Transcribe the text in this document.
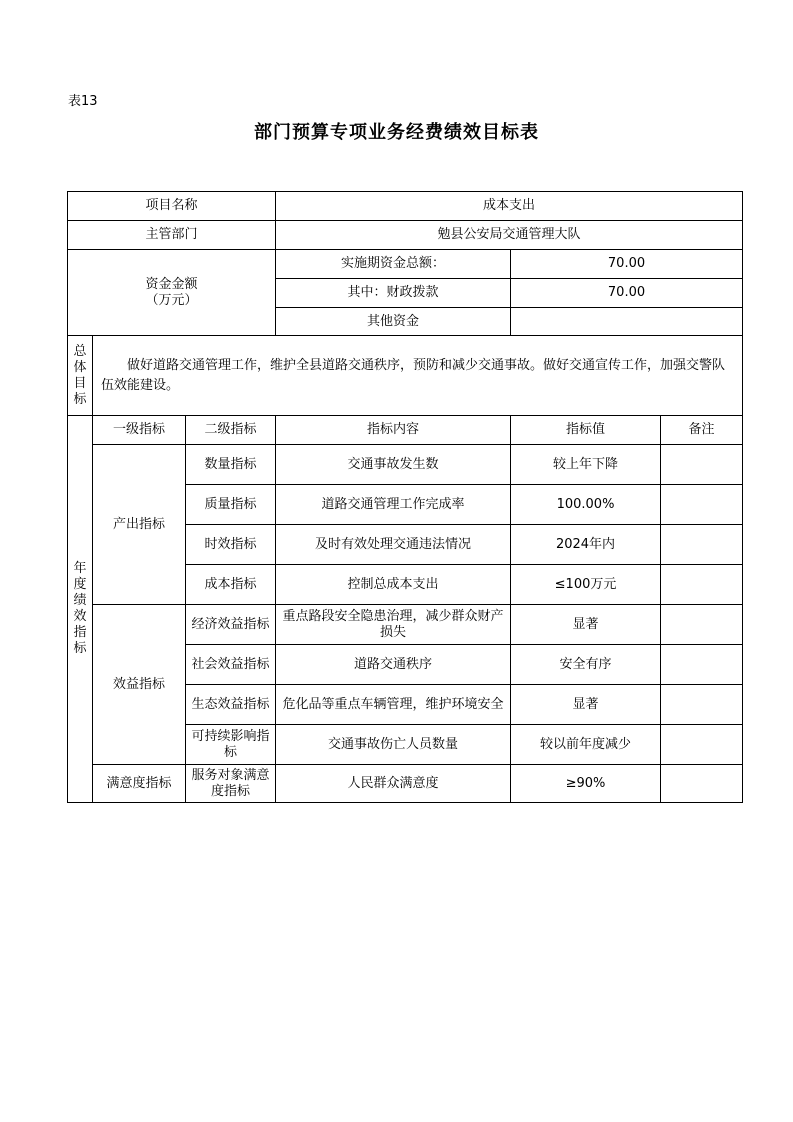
表13
部门预算专项业务经费绩效目标表
项目名称			成本支出		
主管部门			勉县公安局交通管理大队		

资金金额
（万元）			实施期资金总额：	70.00	
			其中：财政拨款	70.00	
			其他资金		
总体目标	　　做好道路交通管理工作，维护全县道路交通秩序，预防和减少交通事故。做好交通宣传工作，加强交警队伍效能建设。				
年度绩效指标	一级指标	二级指标	指标内容	指标值	备注
	产出指标	数量指标	交通事故发生数	较上年下降	
		质量指标	道路交通管理工作完成率	100.00%	
		时效指标	及时有效处理交通违法情况	2024年内	
		成本指标	控制总成本支出	≤100万元	
	效益指标	经济效益指标	重点路段安全隐患治理，减少群众财产损失	显著	
		社会效益指标	道路交通秩序	安全有序	
		生态效益指标	危化品等重点车辆管理，维护环境安全	显著	
		可持续影响指标	交通事故伤亡人员数量	较以前年度减少	
	满意度指标	服务对象满意度指标	人民群众满意度	≥90%	
